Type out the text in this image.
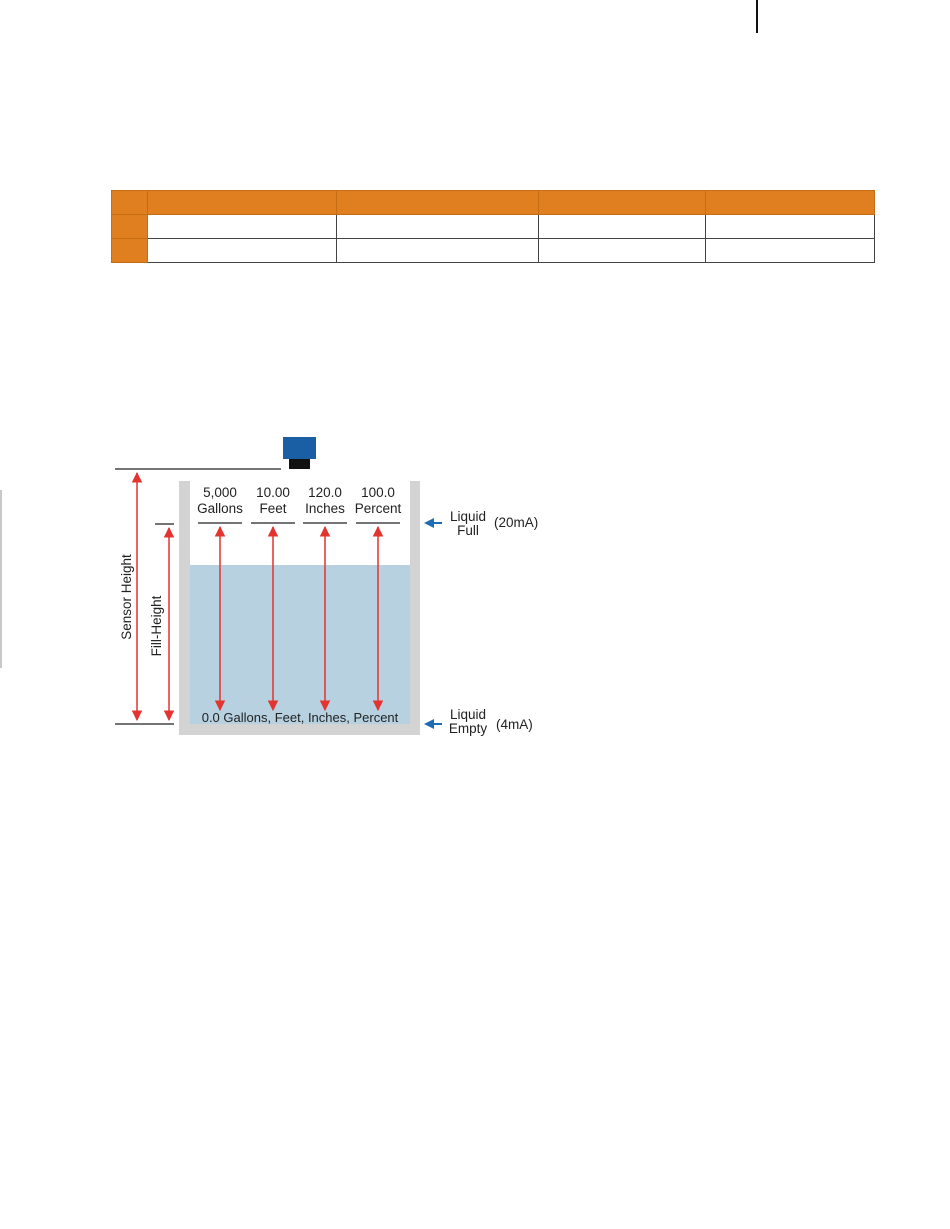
Sensor Height Fill-Height
5,000
Gallons
10.00
Feet
120.0
Inches
100.0
Percent
0.0 Gallons, Feet, Inches, Percent
Liquid
Full
(20mA)
Liquid
Empty (4mA)
